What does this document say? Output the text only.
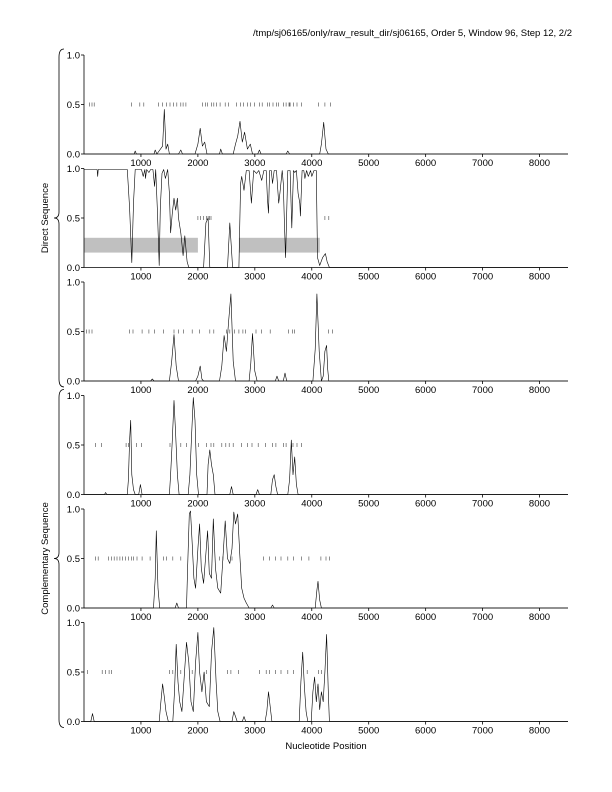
/tmp/sj06165/only/raw_result_dir/sj06165, Order 5, Window 96, Step 12, 2/2
0.0
0.5
1.0
1000	2000	3000	4000	5000	6000	7000	8000
0.0
0.5
1.0
1000	2000	3000	4000	5000	6000	7000	8000
0.0
0.5
1.0
1000	2000	3000	4000	5000	6000	7000	8000
0.0
0.5
1.0
1000	2000	3000	4000	5000	6000	7000	8000
0.0
0.5
1.0
1000	2000	3000	4000	5000	6000	7000	8000
0.0
0.5
1.0
1000	2000	3000	4000	5000	6000	7000	8000
Direct Sequence
Complementary Sequence
Nucleotide Position
